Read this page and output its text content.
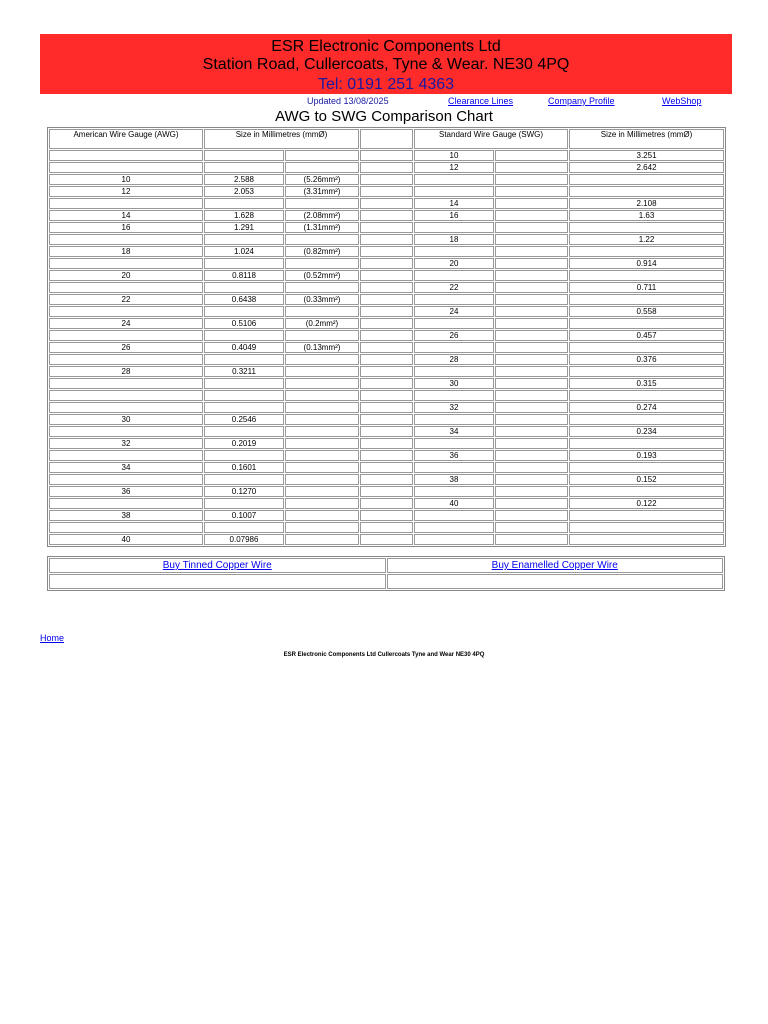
ESR Electronic Components Ltd
Station Road, Cullercoats, Tyne & Wear. NE30 4PQ
Tel: 0191 251 4363
Updated 13/08/2025	Clearance Lines	Company Profile	WebShop
AWG to SWG Comparison Chart
American Wire Gauge (AWG)	Size in Millimetres (mmØ)			Standard Wire Gauge (SWG)		Size in Millimetres (mmØ)
				10		3.251
				12		2.642
10	2.588	(5.26mm²)				
12	2.053	(3.31mm²)				
				14		2.108
14	1.628	(2.08mm²)		16		1.63
16	1.291	(1.31mm²)				
				18		1.22
18	1.024	(0.82mm²)				
				20		0.914
20	0.8118	(0.52mm²)				
				22		0.711
22	0.6438	(0.33mm²)				
				24		0.558
24	0.5106	(0.2mm²)				
				26		0.457
26	0.4049	(0.13mm²)				
				28		0.376
28	0.3211					
				30		0.315

				32		0.274
30	0.2546					
				34		0.234
32	0.2019					
				36		0.193
34	0.1601					
				38		0.152
36	0.1270					
				40		0.122
38	0.1007					

40	0.07986					
Buy Tinned Copper Wire	Buy Enamelled Copper Wire

Home
ESR Electronic Components Ltd Cullercoats Tyne and Wear NE30 4PQ
